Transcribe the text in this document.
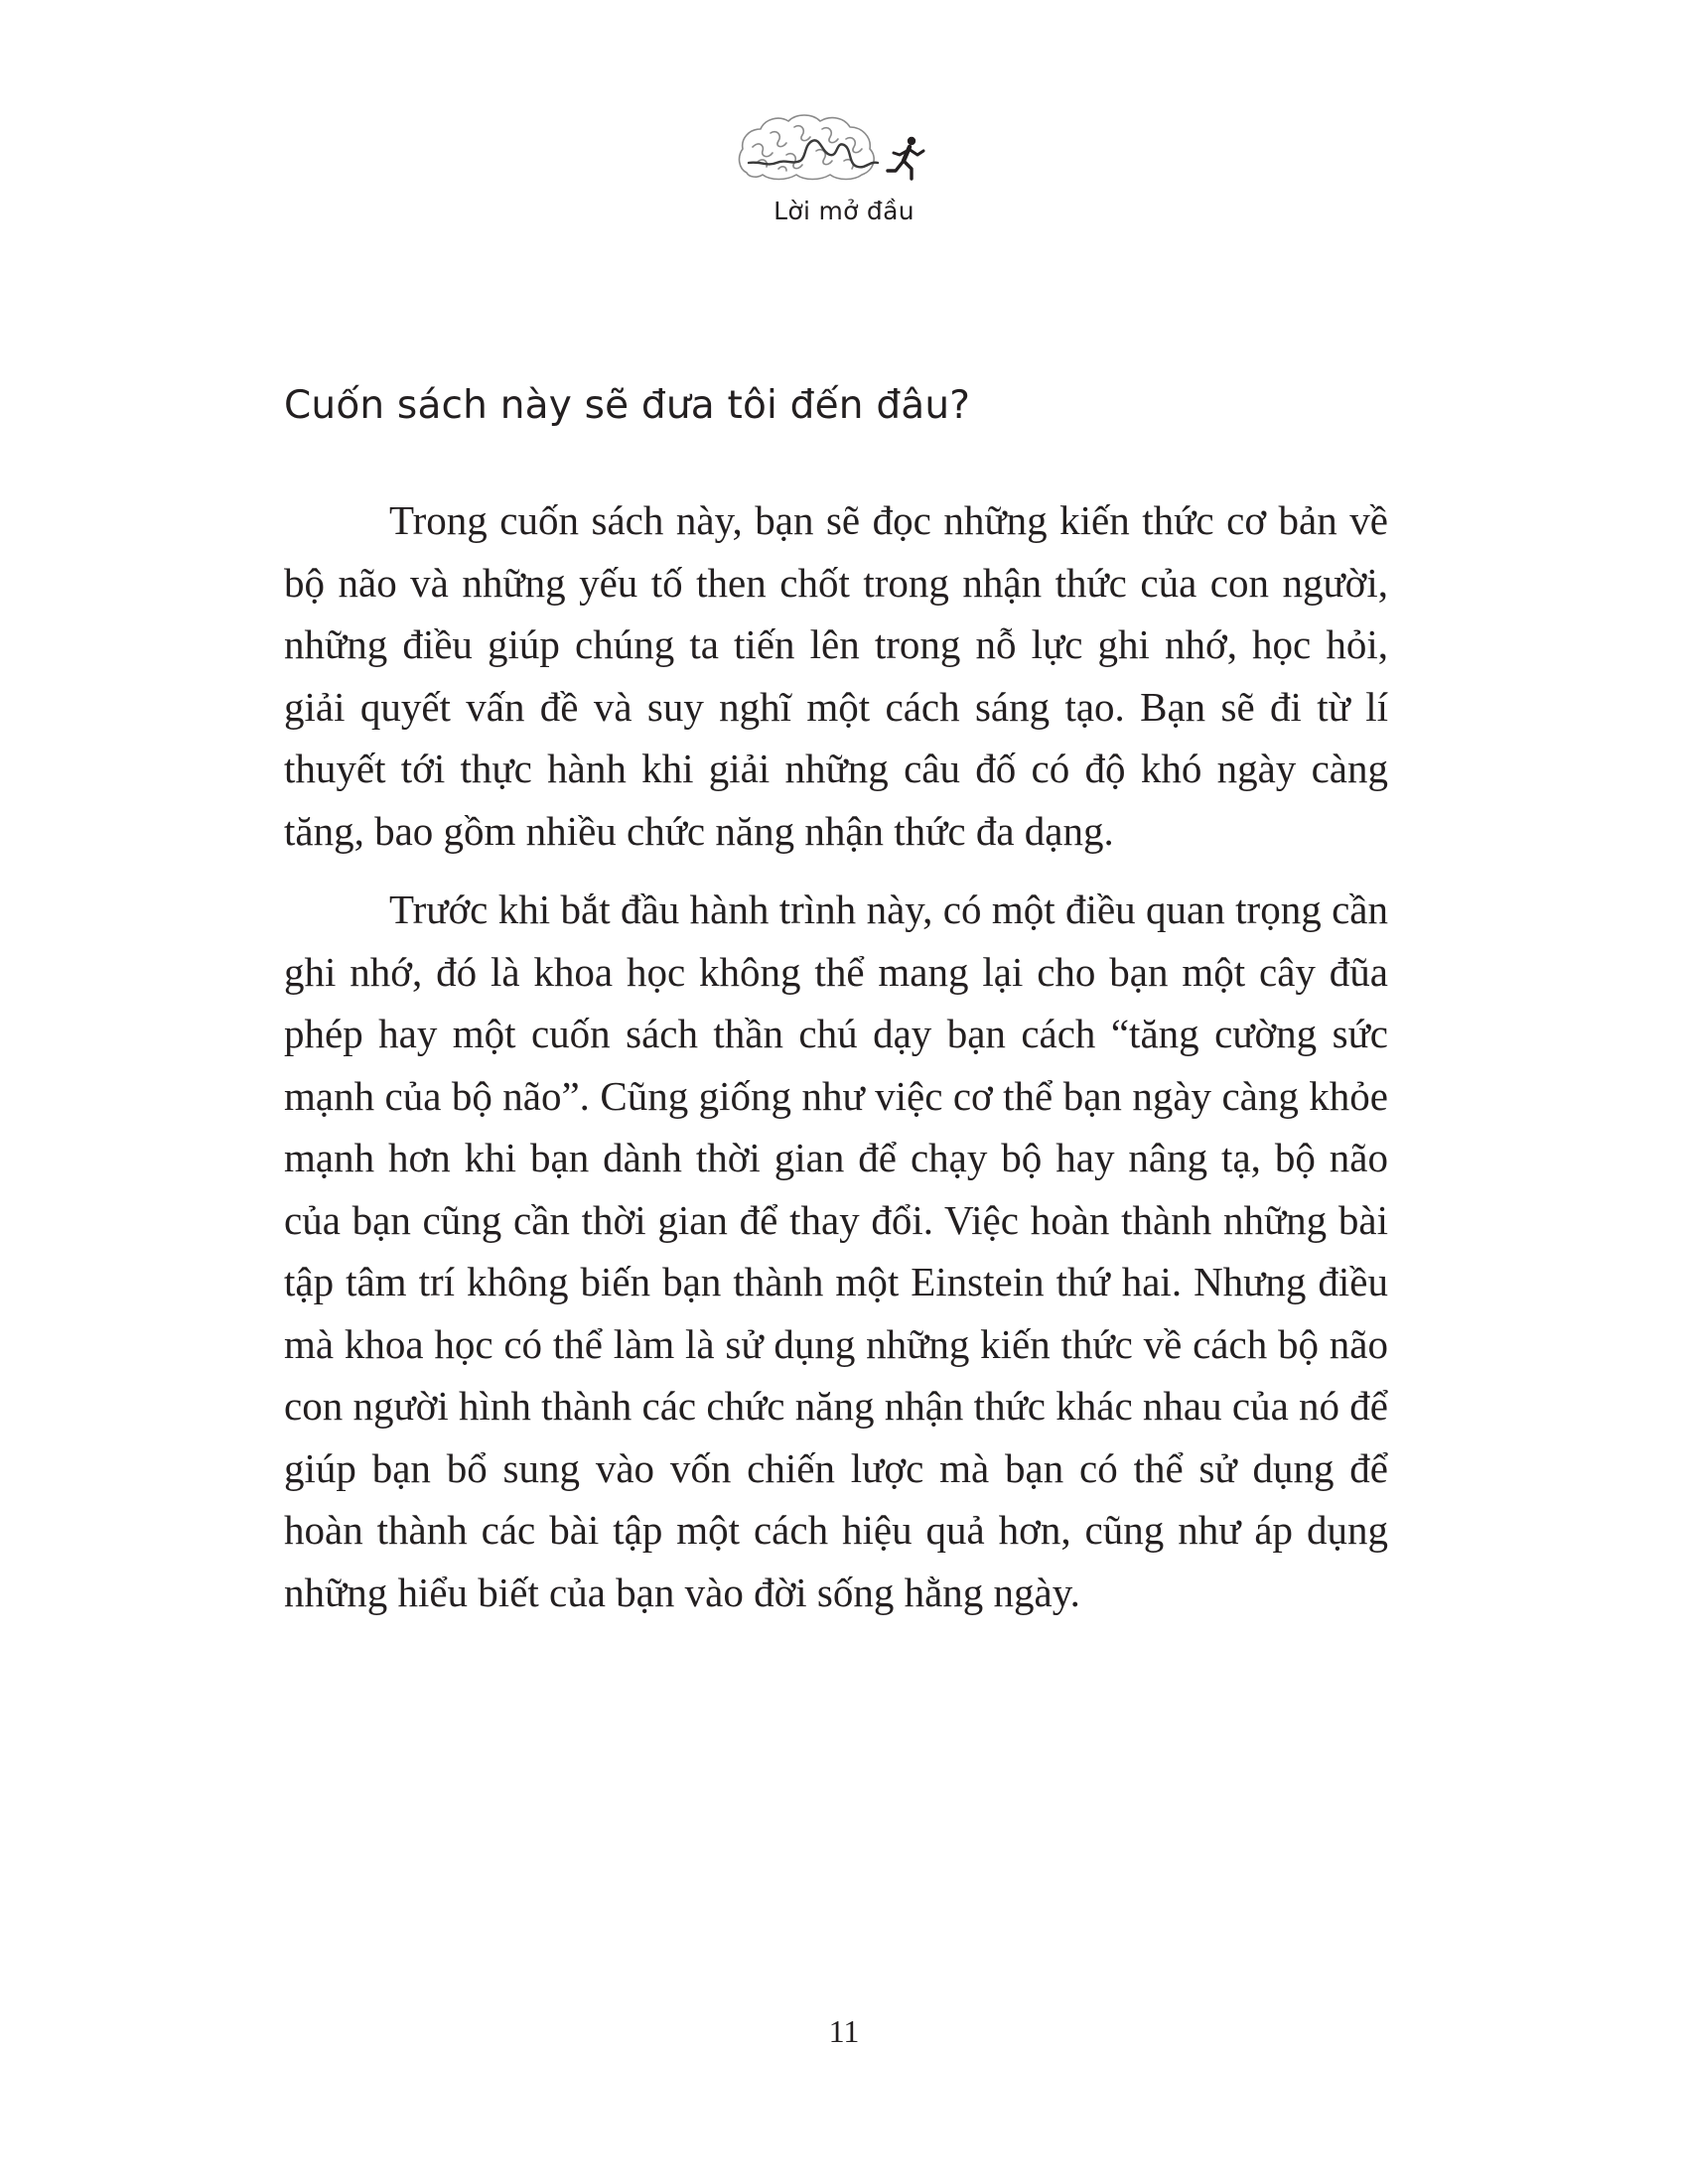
Lời mở đầu
Cuốn sách này sẽ đưa tôi đến đâu?

Trong cuốn sách này, bạn sẽ đọc những kiến thức cơ bản về bộ não và những yếu tố then chốt trong nhận thức của con người, những điều giúp chúng ta tiến lên trong nỗ lực ghi nhớ, học hỏi, giải quyết vấn đề và suy nghĩ một cách sáng tạo. Bạn sẽ đi từ lí thuyết tới thực hành khi giải những câu đố có độ khó ngày càng tăng, bao gồm nhiều chức năng nhận thức đa dạng.

Trước khi bắt đầu hành trình này, có một điều quan trọng cần ghi nhớ, đó là khoa học không thể mang lại cho bạn một cây đũa phép hay một cuốn sách thần chú dạy bạn cách “tăng cường sức mạnh của bộ não”. Cũng giống như việc cơ thể bạn ngày càng khỏe mạnh hơn khi bạn dành thời gian để chạy bộ hay nâng tạ, bộ não của bạn cũng cần thời gian để thay đổi. Việc hoàn thành những bài tập tâm trí không biến bạn thành một Einstein thứ hai. Nhưng điều mà khoa học có thể làm là sử dụng những kiến thức về cách bộ não con người hình thành các chức năng nhận thức khác nhau của nó để giúp bạn bổ sung vào vốn chiến lược mà bạn có thể sử dụng để hoàn thành các bài tập một cách hiệu quả hơn, cũng như áp dụng những hiểu biết của bạn vào đời sống hằng ngày.

11
